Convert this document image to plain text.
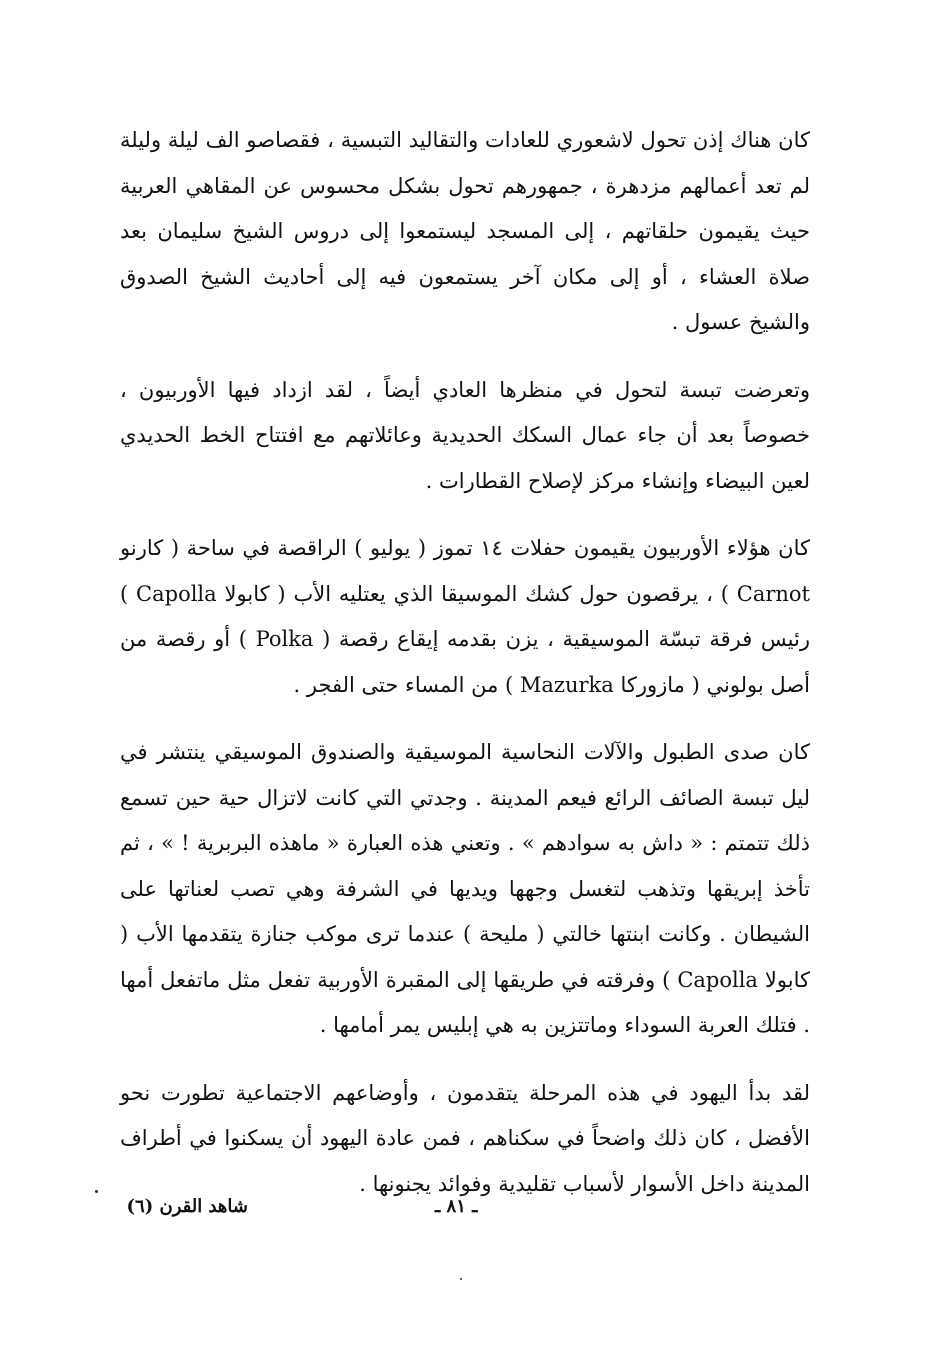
كان هناك إذن تحول لاشعوري للعادات والتقاليد التبسية ، فقصاصو الف ليلة وليلة لم تعد أعمالهم مزدهرة ، جمهورهم تحول بشكل محسوس عن المقاهي العربية حيث يقيمون حلقاتهم ، إلى المسجد ليستمعوا إلى دروس الشيخ سليمان بعد صلاة العشاء ، أو إلى مكان آخر يستمعون فيه إلى أحاديث الشيخ الصدوق والشيخ عسول .

وتعرضت تبسة لتحول في منظرها العادي أيضاً ، لقد ازداد فيها الأوربيون ، خصوصاً بعد أن جاء عمال السكك الحديدية وعائلاتهم مع افتتاح الخط الحديدي لعين البيضاء وإنشاء مركز لإصلاح القطارات .

كان هؤلاء الأوربيون يقيمون حفلات ١٤ تموز ( يوليو ) الراقصة في ساحة ( كارنو Carnot ) ، يرقصون حول كشك الموسيقا الذي يعتليه الأب ( كابولا Capolla ) رئيس فرقة تبسّة الموسيقية ، يزن بقدمه إيقاع رقصة ( Polka ) أو رقصة من أصل بولوني ( مازوركا Mazurka ) من المساء حتى الفجر .

كان صدى الطبول والآلات النحاسية الموسيقية والصندوق الموسيقي ينتشر في ليل تبسة الصائف الرائع فيعم المدينة . وجدتي التي كانت لاتزال حية حين تسمع ذلك تتمتم : « داش به سوادهم » . وتعني هذه العبارة « ماهذه البربرية ! » ، ثم تأخذ إبريقها وتذهب لتغسل وجهها ويديها في الشرفة وهي تصب لعناتها على الشيطان . وكانت ابنتها خالتي ( مليحة ) عندما ترى موكب جنازة يتقدمها الأب ( كابولا Capolla ) وفرقته في طريقها إلى المقبرة الأوربية تفعل مثل ماتفعل أمها . فتلك العربة السوداء وماتتزين به هي إبليس يمر أمامها .

لقد بدأ اليهود في هذه المرحلة يتقدمون ، وأوضاعهم الاجتماعية تطورت نحو الأفضل ، كان ذلك واضحاً في سكناهم ، فمن عادة اليهود أن يسكنوا في أطراف المدينة داخل الأسوار لأسباب تقليدية وفوائد يجنونها .

شاهد القرن (٦)	ـ ٨١ ـ
